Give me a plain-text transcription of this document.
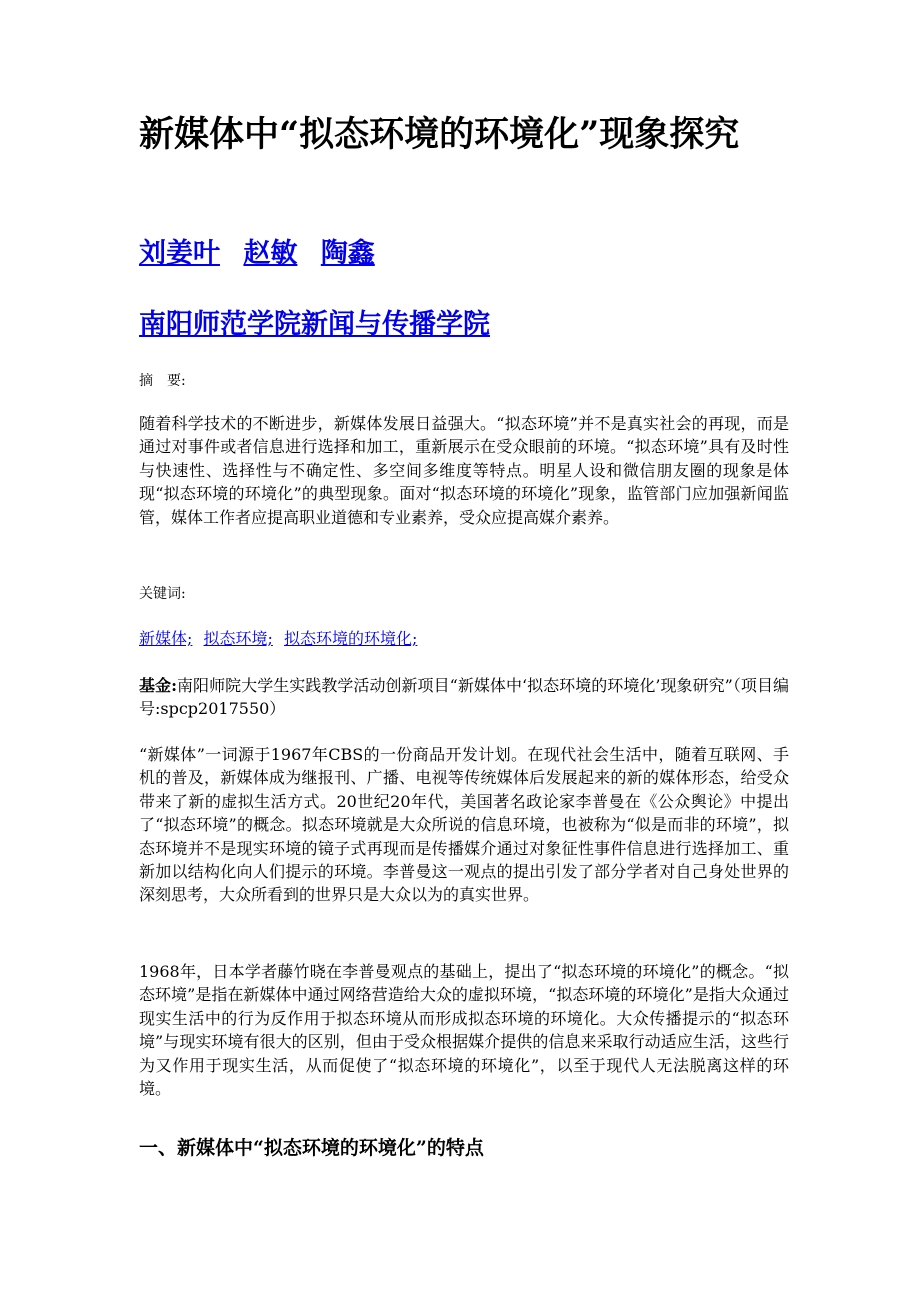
新媒体中“拟态环境的环境化”现象探究
刘姜叶 赵敏 陶鑫
南阳师范学院新闻与传播学院
摘　要:

随着科学技术的不断进步，新媒体发展日益强大。“拟态环境”并不是真实社会的再现，而是通过对事件或者信息进行选择和加工，重新展示在受众眼前的环境。“拟态环境”具有及时性与快速性、选择性与不确定性、多空间多维度等特点。明星人设和微信朋友圈的现象是体现“拟态环境的环境化”的典型现象。面对“拟态环境的环境化”现象，监管部门应加强新闻监管，媒体工作者应提高职业道德和专业素养，受众应提高媒介素养。

关键词:
新媒体; 拟态环境; 拟态环境的环境化;

基金:南阳师院大学生实践教学活动创新项目“新媒体中‘拟态环境的环境化’现象研究”（项目编号:spcp2017550）

“新媒体”一词源于1967年CBS的一份商品开发计划。在现代社会生活中，随着互联网、手机的普及，新媒体成为继报刊、广播、电视等传统媒体后发展起来的新的媒体形态，给受众带来了新的虚拟生活方式。20世纪20年代，美国著名政论家李普曼在《公众舆论》中提出了“拟态环境”的概念。拟态环境就是大众所说的信息环境，也被称为“似是而非的环境”，拟态环境并不是现实环境的镜子式再现而是传播媒介通过对象征性事件信息进行选择加工、重新加以结构化向人们提示的环境。李普曼这一观点的提出引发了部分学者对自己身处世界的深刻思考，大众所看到的世界只是大众以为的真实世界。

1968年，日本学者藤竹晓在李普曼观点的基础上，提出了“拟态环境的环境化”的概念。“拟态环境”是指在新媒体中通过网络营造给大众的虚拟环境，“拟态环境的环境化”是指大众通过现实生活中的行为反作用于拟态环境从而形成拟态环境的环境化。大众传播提示的“拟态环境”与现实环境有很大的区别，但由于受众根据媒介提供的信息来采取行动适应生活，这些行为又作用于现实生活，从而促使了“拟态环境的环境化”，以至于现代人无法脱离这样的环境。

一、新媒体中“拟态环境的环境化”的特点
